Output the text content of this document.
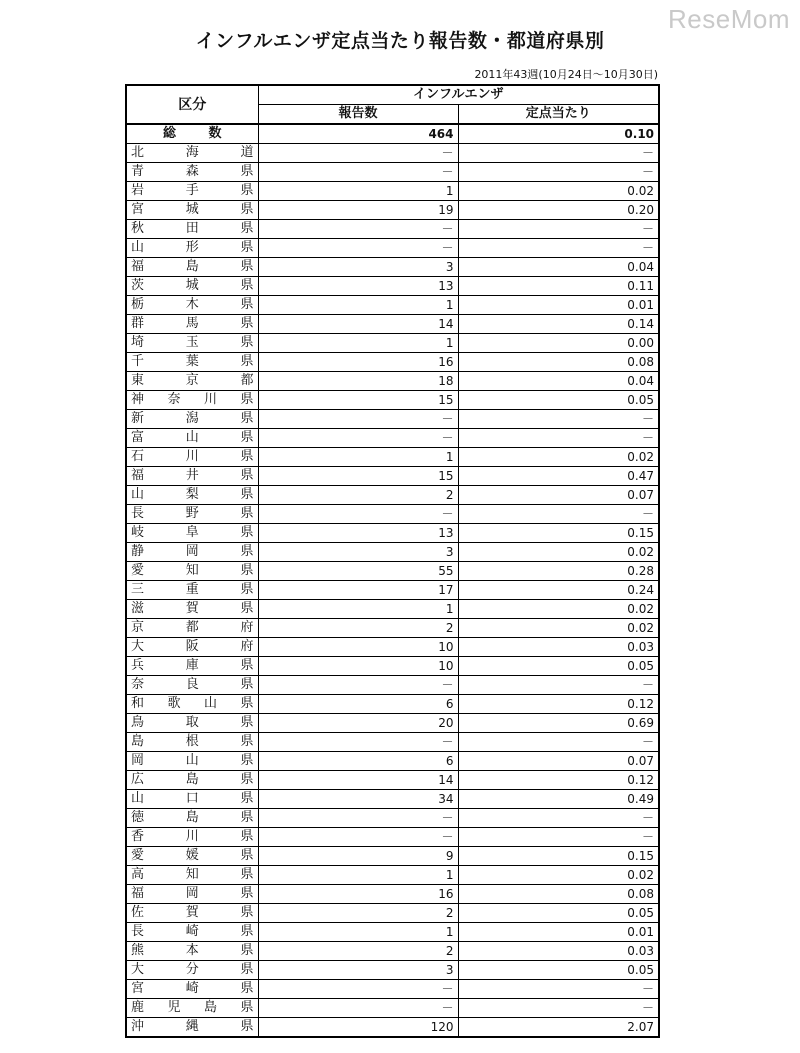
ReseMom
インフルエンザ定点当たり報告数・都道府県別
2011年43週(10月24日～10月30日)
区分	インフルエンザ	
	報告数	定点当たり
総数	464	0.10
北海道	－	－
青森県	－	－
岩手県	1	0.02
宮城県	19	0.20
秋田県	－	－
山形県	－	－
福島県	3	0.04
茨城県	13	0.11
栃木県	1	0.01
群馬県	14	0.14
埼玉県	1	0.00
千葉県	16	0.08
東京都	18	0.04
神奈川県	15	0.05
新潟県	－	－
富山県	－	－
石川県	1	0.02
福井県	15	0.47
山梨県	2	0.07
長野県	－	－
岐阜県	13	0.15
静岡県	3	0.02
愛知県	55	0.28
三重県	17	0.24
滋賀県	1	0.02
京都府	2	0.02
大阪府	10	0.03
兵庫県	10	0.05
奈良県	－	－
和歌山県	6	0.12
鳥取県	20	0.69
島根県	－	－
岡山県	6	0.07
広島県	14	0.12
山口県	34	0.49
徳島県	－	－
香川県	－	－
愛媛県	9	0.15
高知県	1	0.02
福岡県	16	0.08
佐賀県	2	0.05
長崎県	1	0.01
熊本県	2	0.03
大分県	3	0.05
宮崎県	－	－
鹿児島県	－	－
沖縄県	120	2.07
